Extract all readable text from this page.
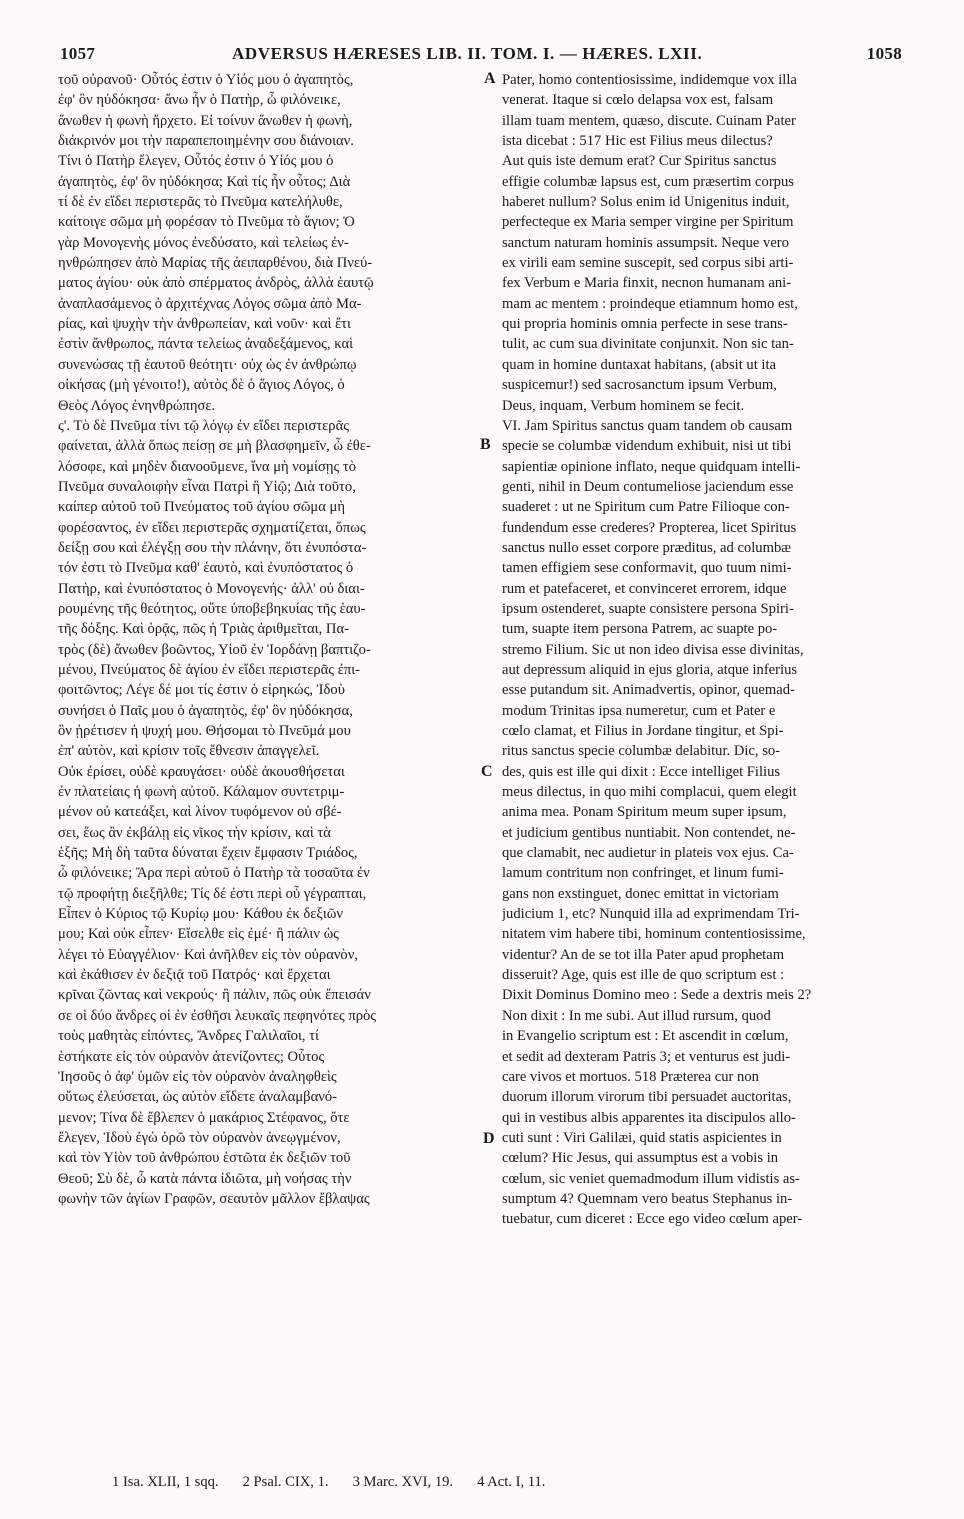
1057	ADVERSUS HÆRESES LIB. II. TOM. I. — HÆRES. LXII.	1058
A
B
C
D
τοῦ οὐρανοῦ· Οὗτός ἐστιν ὁ Υἱός μου ὁ ἀγαπητὸς,
ἐφ' ὃν ηὐδόκησα· ἄνω ἦν ὁ Πατὴρ, ὦ φιλόνεικε,
ἄνωθεν ἡ φωνὴ ἤρχετο. Εἰ τοίνυν ἄνωθεν ἡ φωνὴ,
διάκρινόν μοι τὴν παραπεποιημένην σου διάνοιαν.
Τίνι ὁ Πατὴρ ἔλεγεν, Οὗτός ἐστιν ὁ Υἱός μου ὁ
ἀγαπητὸς, ἐφ' ὃν ηὐδόκησα; Καὶ τίς ἦν οὗτος; Διὰ
τί δὲ ἐν εἴδει περιστερᾶς τὸ Πνεῦμα κατελήλυθε,
καίτοιγε σῶμα μὴ φορέσαν τὸ Πνεῦμα τὸ ἅγιον; Ὁ
γὰρ Μονογενὴς μόνος ἐνεδύσατο, καὶ τελείως ἐν-
ηνθρώπησεν ἀπὸ Μαρίας τῆς ἀειπαρθένου, διὰ Πνεύ-
ματος ἁγίου· οὐκ ἀπὸ σπέρματος ἀνδρὸς, ἀλλὰ ἑαυτῷ
ἀναπλασάμενος ὁ ἀρχιτέχνας Λόγος σῶμα ἀπὸ Μα-
ρίας, καὶ ψυχὴν τὴν ἀνθρωπείαν, καὶ νοῦν· καὶ ἔτι
ἐστὶν ἄνθρωπος, πάντα τελείως ἀναδεξάμενος, καὶ
συνενώσας τῇ ἑαυτοῦ θεότητι· οὐχ ὡς ἐν ἀνθρώπῳ
οἰκήσας (μὴ γένοιτο!), αὐτὸς δὲ ὁ ἅγιος Λόγος, ὁ
Θεὸς Λόγος ἐνηνθρώπησε.
ς'. Τὸ δὲ Πνεῦμα τίνι τῷ λόγῳ ἐν εἴδει περιστερᾶς
φαίνεται, ἀλλὰ ὅπως πείσῃ σε μὴ βλασφημεῖν, ὦ ἐθε-
λόσοφε, καὶ μηδὲν διανοοῦμενε, ἵνα μὴ νομίσῃς τὸ
Πνεῦμα συναλοιφὴν εἶναι Πατρὶ ἢ Υἱῷ; Διὰ τοῦτο,
καίπερ αὐτοῦ τοῦ Πνεύματος τοῦ ἁγίου σῶμα μὴ
φορέσαντος, ἐν εἴδει περιστερᾶς σχηματίζεται, ὅπως
δείξῃ σου καὶ ἐλέγξῃ σου τὴν πλάνην, ὅτι ἐνυπόστα-
τόν ἐστι τὸ Πνεῦμα καθ' ἑαυτὸ, καὶ ἐνυπόστατος ὁ
Πατὴρ, καὶ ἐνυπόστατος ὁ Μονογενής· ἀλλ' οὐ διαι-
ρουμένης τῆς θεότητος, οὔτε ὑποβεβηκυίας τῆς ἑαυ-
τῆς δόξης. Καὶ ὁρᾷς, πῶς ἡ Τριὰς ἀριθμεῖται, Πα-
τρὸς (δὲ) ἄνωθεν βοῶντος, Υἱοῦ ἐν Ἰορδάνῃ βαπτιζο-
μένου, Πνεύματος δὲ ἁγίου ἐν εἴδει περιστερᾶς ἐπι-
φοιτῶντος; Λέγε δέ μοι τίς ἐστιν ὁ εἰρηκώς, Ἰδοὺ
συνήσει ὁ Παῖς μου ὁ ἀγαπητὸς, ἐφ' ὃν ηὐδόκησα,
ὃν ᾑρέτισεν ἡ ψυχή μου. Θήσομαι τὸ Πνεῦμά μου
ἐπ' αὐτὸν, καὶ κρίσιν τοῖς ἔθνεσιν ἀπαγγελεῖ.
Οὐκ ἐρίσει, οὐδὲ κραυγάσει· οὐδὲ ἀκουσθήσεται
ἐν πλατείαις ἡ φωνὴ αὐτοῦ. Κάλαμον συντετριμ-
μένον οὐ κατεάξει, καὶ λίνον τυφόμενον οὐ σβέ-
σει, ἕως ἂν ἐκβάλῃ εἰς νῖκος τὴν κρίσιν, καὶ τὰ
ἑξῆς; Μὴ δὴ ταῦτα δύναται ἔχειν ἔμφασιν Τριάδος,
ὦ φιλόνεικε; Ἄρα περὶ αὐτοῦ ὁ Πατὴρ τὰ τοσαῦτα ἐν
τῷ προφήτῃ διεξῆλθε; Τίς δέ ἐστι περὶ οὗ γέγραπται,
Εἶπεν ὁ Κύριος τῷ Κυρίῳ μου· Κάθου ἐκ δεξιῶν
μου; Καὶ οὐκ εἶπεν· Εἴσελθε εἰς ἐμέ· ἢ πάλιν ὡς
λέγει τὸ Εὐαγγέλιον· Καὶ ἀνῆλθεν εἰς τὸν οὐρανὸν,
καὶ ἐκάθισεν ἐν δεξιᾷ τοῦ Πατρός· καὶ ἔρχεται
κρῖναι ζῶντας καὶ νεκρούς· ἢ πάλιν, πῶς οὐκ ἔπεισάν
σε οἱ δύο ἄνδρες οἱ ἐν ἐσθῆσι λευκαῖς πεφηνότες πρὸς
τοὺς μαθητὰς εἰπόντες, Ἄνδρες Γαλιλαῖοι, τί
ἑστήκατε εἰς τὸν οὐρανὸν ἀτενίζοντες; Οὗτος
Ἰησοῦς ὁ ἀφ' ὑμῶν εἰς τὸν οὐρανὸν ἀναληφθεὶς
οὕτως ἐλεύσεται, ὡς αὐτὸν εἴδετε ἀναλαμβανό-
μενον; Τίνα δὲ ἔβλεπεν ὁ μακάριος Στέφανος, ὅτε
ἔλεγεν, Ἰδοὺ ἐγὼ ὁρῶ τὸν οὐρανὸν ἀνεῳγμένον,
καὶ τὸν Υἱὸν τοῦ ἀνθρώπου ἑστῶτα ἐκ δεξιῶν τοῦ
Θεοῦ; Σὺ δὲ, ὦ κατὰ πάντα ἰδιῶτα, μὴ νοήσας τὴν
φωνὴν τῶν ἁγίων Γραφῶν, σεαυτὸν μᾶλλον ἔβλαψας
Pater, homo contentiosissime, indidemque vox illa
venerat. Itaque si cœlo delapsa vox est, falsam
illam tuam mentem, quæso, discute. Cuinam Pater
ista dicebat : 517 Hic est Filius meus dilectus?
Aut quis iste demum erat? Cur Spiritus sanctus
effigie columbæ lapsus est, cum præsertim corpus
haberet nullum? Solus enim id Unigenitus induit,
perfecteque ex Maria semper virgine per Spiritum
sanctum naturam hominis assumpsit. Neque vero
ex virili eam semine suscepit, sed corpus sibi arti-
fex Verbum e Maria finxit, necnon humanam ani-
mam ac mentem : proindeque etiamnum homo est,
qui propria hominis omnia perfecte in sese trans-
tulit, ac cum sua divinitate conjunxit. Non sic tan-
quam in homine duntaxat habitans, (absit ut ita
suspicemur!) sed sacrosanctum ipsum Verbum,
Deus, inquam, Verbum hominem se fecit.
VI. Jam Spiritus sanctus quam tandem ob causam
specie se columbæ videndum exhibuit, nisi ut tibi
sapientiæ opinione inflato, neque quidquam intelli-
genti, nihil in Deum contumeliose jaciendum esse
suaderet : ut ne Spiritum cum Patre Filioque con-
fundendum esse crederes? Propterea, licet Spiritus
sanctus nullo esset corpore præditus, ad columbæ
tamen effigiem sese conformavit, quo tuum nimi-
rum et patefaceret, et convinceret errorem, idque
ipsum ostenderet, suapte consistere persona Spiri-
tum, suapte item persona Patrem, ac suapte po-
stremo Filium. Sic ut non ideo divisa esse divinitas,
aut depressum aliquid in ejus gloria, atque inferius
esse putandum sit. Animadvertis, opinor, quemad-
modum Trinitas ipsa numeretur, cum et Pater e
cœlo clamat, et Filius in Jordane tingitur, et Spi-
ritus sanctus specie columbæ delabitur. Dic, so-
des, quis est ille qui dixit : Ecce intelliget Filius
meus dilectus, in quo mihi complacui, quem elegit
anima mea. Ponam Spiritum meum super ipsum,
et judicium gentibus nuntiabit. Non contendet, ne-
que clamabit, nec audietur in plateis vox ejus. Ca-
lamum contritum non confringet, et linum fumi-
gans non exstinguet, donec emittat in victoriam
judicium 1, etc? Nunquid illa ad exprimendam Tri-
nitatem vim habere tibi, hominum contentiosissime,
videntur? An de se tot illa Pater apud prophetam
disseruit? Age, quis est ille de quo scriptum est :
Dixit Dominus Domino meo : Sede a dextris meis 2?
Non dixit : In me subi. Aut illud rursum, quod
in Evangelio scriptum est : Et ascendit in cœlum,
et sedit ad dexteram Patris 3; et venturus est judi-
care vivos et mortuos. 518 Præterea cur non
duorum illorum virorum tibi persuadet auctoritas,
qui in vestibus albis apparentes ita discipulos allo-
cuti sunt : Viri Galilæi, quid statis aspicientes in
cœlum? Hic Jesus, qui assumptus est a vobis in
cœlum, sic veniet quemadmodum illum vidistis as-
sumptum 4? Quemnam vero beatus Stephanus in-
tuebatur, cum diceret : Ecce ego video cœlum aper-
1 Isa. XLII, 1 sqq. 2 Psal. CIX, 1. 3 Marc. XVI, 19. 4 Act. I, 11.
